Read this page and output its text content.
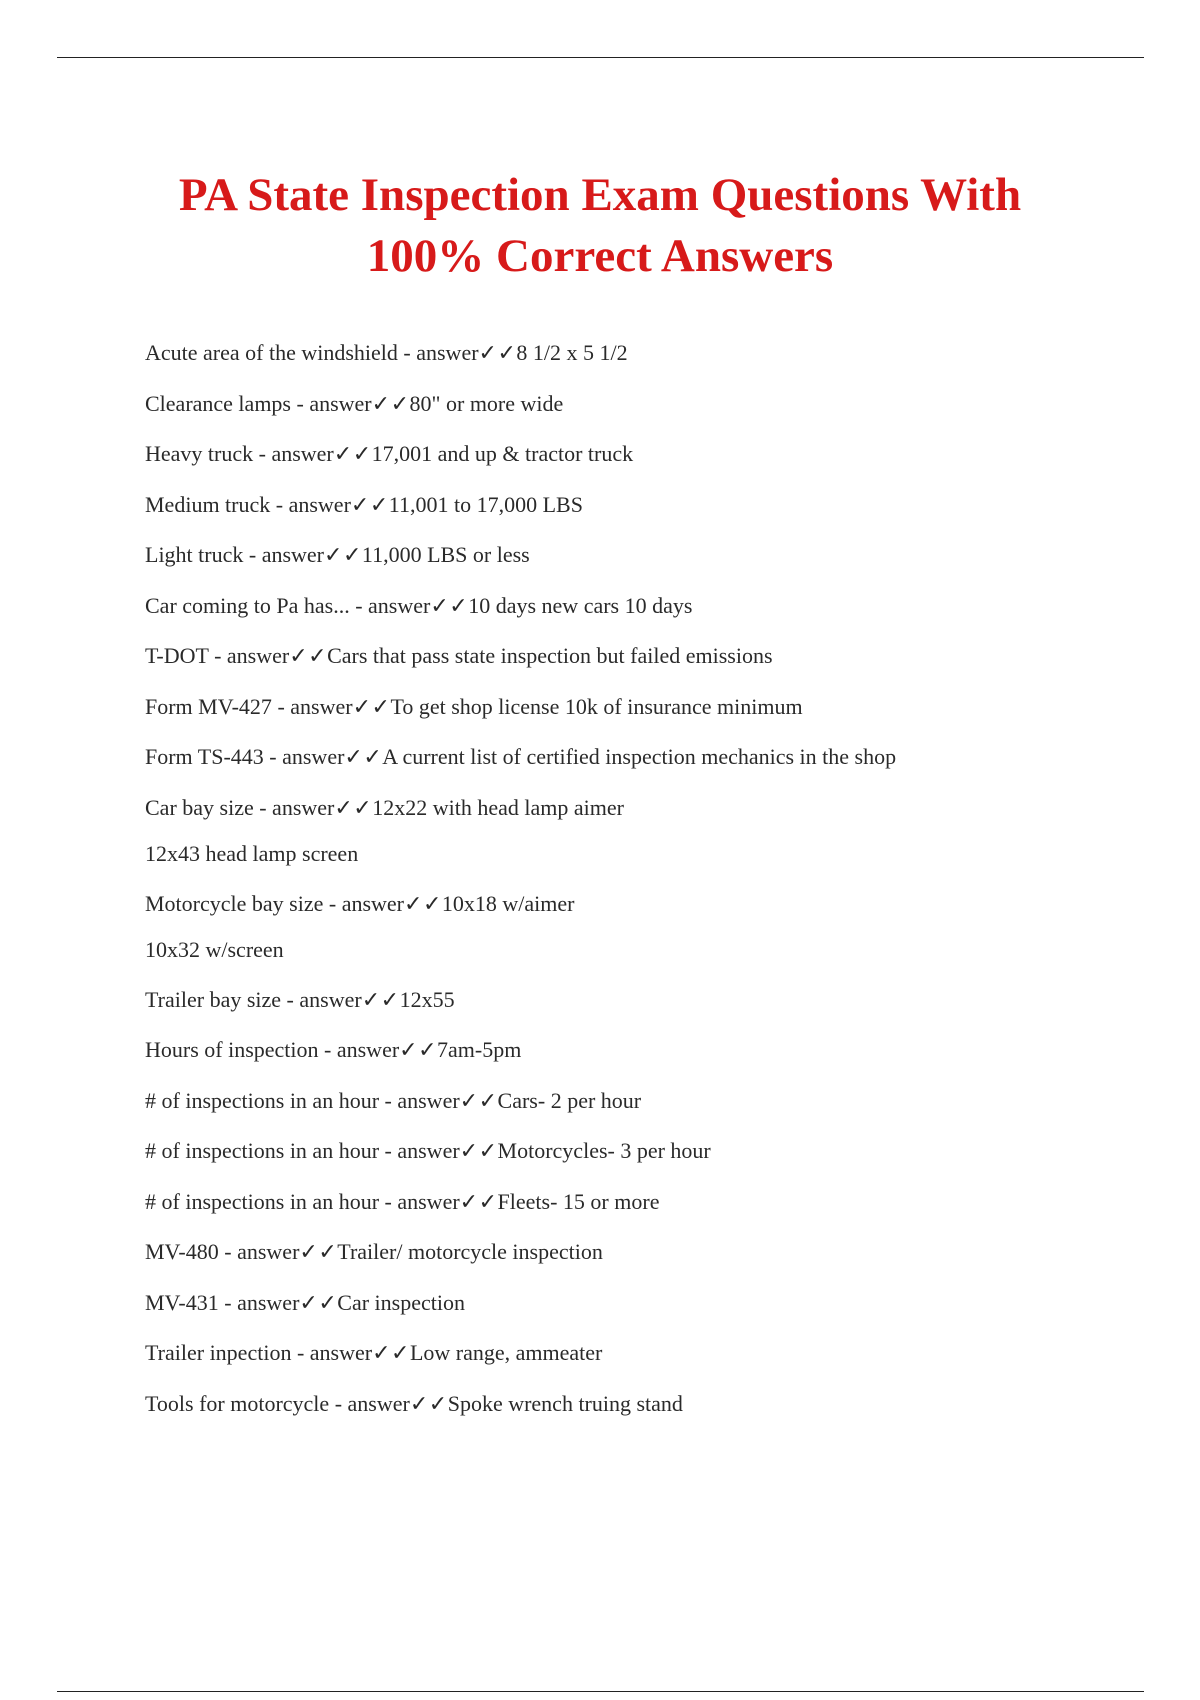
PA State Inspection Exam Questions With
100% Correct Answers
Acute area of the windshield - answer✓✓8 1/2 x 5 1/2
Clearance lamps - answer✓✓80" or more wide
Heavy truck - answer✓✓17,001 and up & tractor truck
Medium truck - answer✓✓11,001 to 17,000 LBS
Light truck - answer✓✓11,000 LBS or less
Car coming to Pa has... - answer✓✓10 days new cars 10 days
T-DOT - answer✓✓Cars that pass state inspection but failed emissions
Form MV-427 - answer✓✓To get shop license 10k of insurance minimum
Form TS-443 - answer✓✓A current list of certified inspection mechanics in the shop
Car bay size - answer✓✓12x22 with head lamp aimer
12x43 head lamp screen
Motorcycle bay size - answer✓✓10x18 w/aimer
10x32 w/screen
Trailer bay size - answer✓✓12x55
Hours of inspection - answer✓✓7am-5pm
# of inspections in an hour - answer✓✓Cars- 2 per hour
# of inspections in an hour - answer✓✓Motorcycles- 3 per hour
# of inspections in an hour - answer✓✓Fleets- 15 or more
MV-480 - answer✓✓Trailer/ motorcycle inspection
MV-431 - answer✓✓Car inspection
Trailer inpection - answer✓✓Low range, ammeater
Tools for motorcycle - answer✓✓Spoke wrench truing stand
